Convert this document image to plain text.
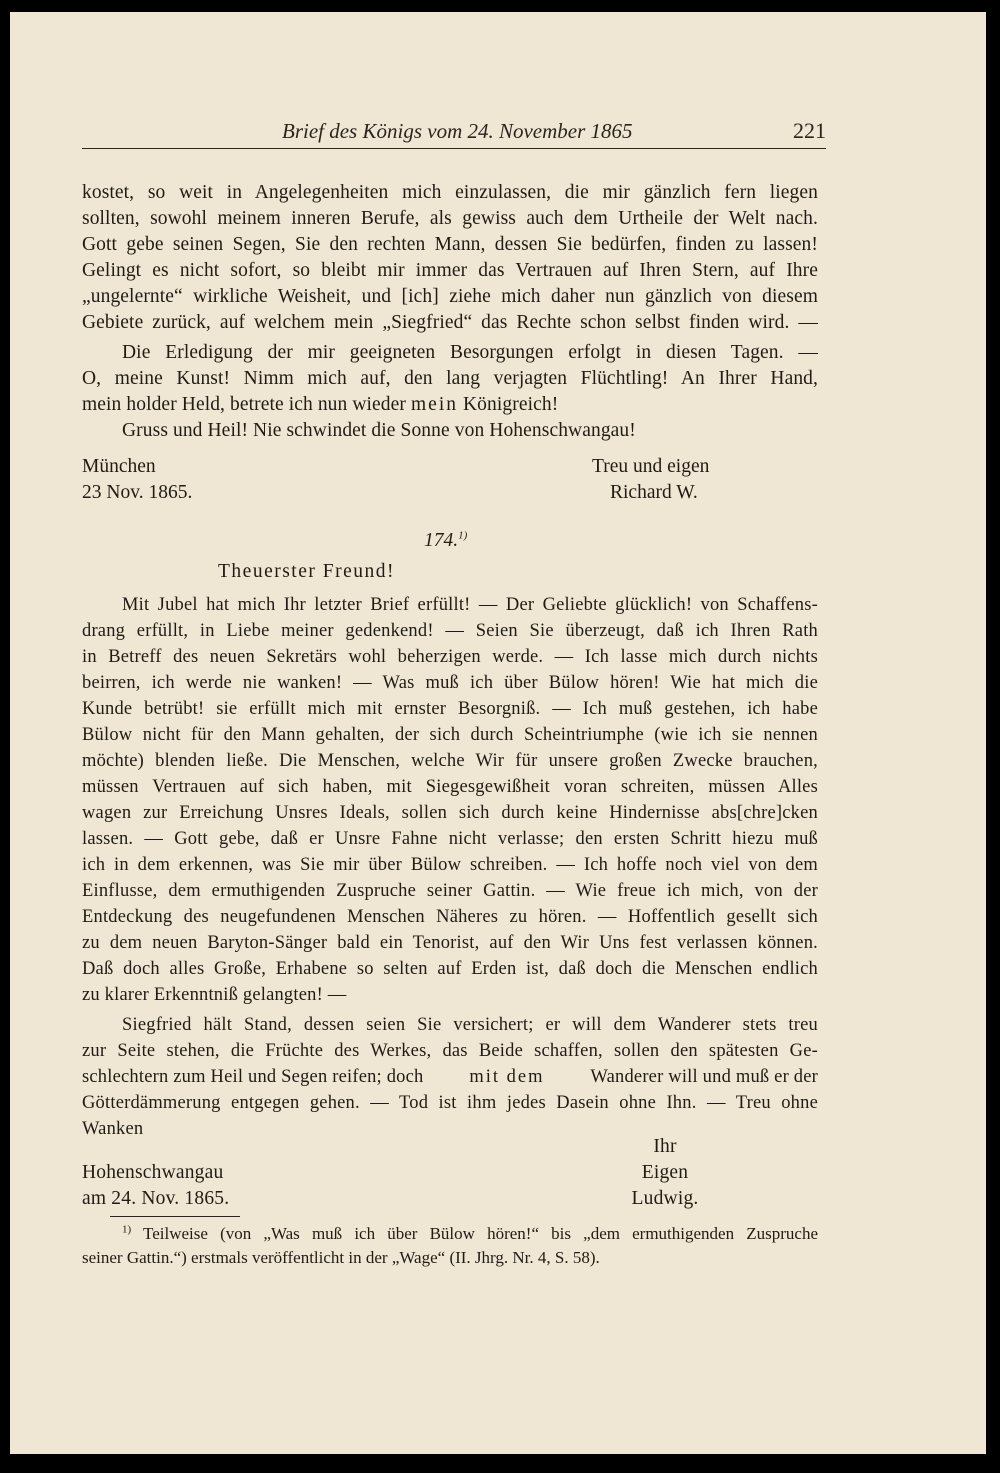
Brief des Königs vom 24. November 1865	221
kostet, so weit in Angelegenheiten mich einzulassen, die mir gänzlich fern liegen
sollten, sowohl meinem inneren Berufe, als gewiss auch dem Urtheile der Welt nach.
Gott gebe seinen Segen, Sie den rechten Mann, dessen Sie bedürfen, finden zu lassen!
Gelingt es nicht sofort, so bleibt mir immer das Vertrauen auf Ihren Stern, auf Ihre
„ungelernte“ wirkliche Weisheit, und [ich] ziehe mich daher nun gänzlich von diesem
Gebiete zurück, auf welchem mein „Siegfried“ das Rechte schon selbst finden wird. —
Die Erledigung der mir geeigneten Besorgungen erfolgt in diesen Tagen. —
O, meine Kunst! Nimm mich auf, den lang verjagten Flüchtling! An Ihrer Hand,
mein holder Held, betrete ich nun wieder mein Königreich!
Gruss und Heil! Nie schwindet die Sonne von Hohenschwangau!
München
23 Nov. 1865.
Treu und eigen
Richard W.
174.$^{1)}$
Theuerster Freund!
Mit Jubel hat mich Ihr letzter Brief erfüllt! — Der Geliebte glücklich! von Schaffens-
drang erfüllt, in Liebe meiner gedenkend! — Seien Sie überzeugt, daß ich Ihren Rath
in Betreff des neuen Sekretärs wohl beherzigen werde. — Ich lasse mich durch nichts
beirren, ich werde nie wanken! — Was muß ich über Bülow hören! Wie hat mich die
Kunde betrübt! sie erfüllt mich mit ernster Besorgniß. — Ich muß gestehen, ich habe
Bülow nicht für den Mann gehalten, der sich durch Scheintriumphe (wie ich sie nennen
möchte) blenden ließe. Die Menschen, welche Wir für unsere großen Zwecke brauchen,
müssen Vertrauen auf sich haben, mit Siegesgewißheit voran schreiten, müssen Alles
wagen zur Erreichung Unsres Ideals, sollen sich durch keine Hindernisse abs[chre]cken
lassen. — Gott gebe, daß er Unsre Fahne nicht verlasse; den ersten Schritt hiezu muß
ich in dem erkennen, was Sie mir über Bülow schreiben. — Ich hoffe noch viel von dem
Einflusse, dem ermuthigenden Zuspruche seiner Gattin. — Wie freue ich mich, von der
Entdeckung des neugefundenen Menschen Näheres zu hören. — Hoffentlich gesellt sich
zu dem neuen Baryton-Sänger bald ein Tenorist, auf den Wir Uns fest verlassen können.
Daß doch alles Große, Erhabene so selten auf Erden ist, daß doch die Menschen endlich
zu klarer Erkenntniß gelangten! —
Siegfried hält Stand, dessen seien Sie versichert; er will dem Wanderer stets treu
zur Seite stehen, die Früchte des Werkes, das Beide schaffen, sollen den spätesten Ge-
schlechtern zum Heil und Segen reifen; doch mit dem Wanderer will und muß er der
Götterdämmerung entgegen gehen. — Tod ist ihm jedes Dasein ohne Ihn. — Treu ohne
Wanken
Ihr
Eigen
Ludwig.
Hohenschwangau
am 24. Nov. 1865.
$^{1)}$ Teilweise (von „Was muß ich über Bülow hören!“ bis „dem ermuthigenden Zuspruche
seiner Gattin.“) erstmals veröffentlicht in der „Wage“ (II. Jhrg. Nr. 4, S. 58).
